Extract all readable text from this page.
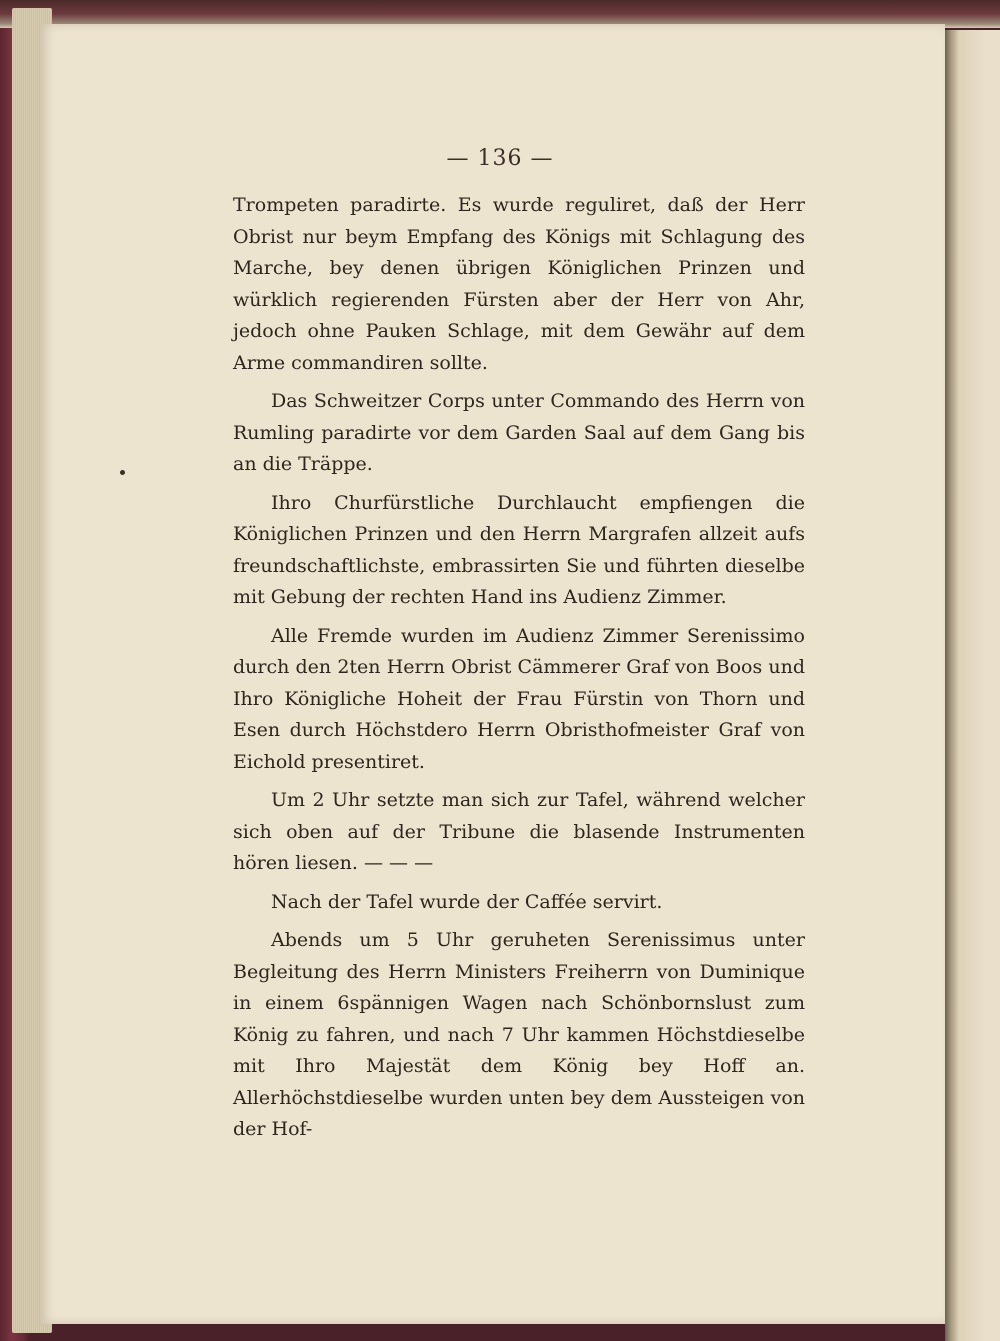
— 136 —

Trompeten paradirte. Es wurde reguliret, daß der Herr Obrist nur beym Empfang des Königs mit Schlagung des Marche, bey denen übrigen Königlichen Prinzen und würklich regierenden Fürsten aber der Herr von Ahr, jedoch ohne Pauken Schlage, mit dem Gewähr auf dem Arme commandiren sollte.

Das Schweitzer Corps unter Commando des Herrn von Rumling paradirte vor dem Garden Saal auf dem Gang bis an die Träppe.

Ihro Churfürstliche Durchlaucht empfiengen die Königlichen Prinzen und den Herrn Margrafen allzeit aufs freundschaftlichste, embrassirten Sie und führten dieselbe mit Gebung der rechten Hand ins Audienz Zimmer.

Alle Fremde wurden im Audienz Zimmer Serenissimo durch den 2ten Herrn Obrist Cämmerer Graf von Boos und Ihro Königliche Hoheit der Frau Fürstin von Thorn und Esen durch Höchstdero Herrn Obristhofmeister Graf von Eichold presentiret.

Um 2 Uhr setzte man sich zur Tafel, während welcher sich oben auf der Tribune die blasende Instrumenten hören liesen. — — —

Nach der Tafel wurde der Caffée servirt.

Abends um 5 Uhr geruheten Serenissimus unter Begleitung des Herrn Ministers Freiherrn von Duminique in einem 6spännigen Wagen nach Schönbornslust zum König zu fahren, und nach 7 Uhr kammen Höchstdieselbe mit Ihro Majestät dem König bey Hoff an. Allerhöchstdieselbe wurden unten bey dem Aussteigen von der Hof-
